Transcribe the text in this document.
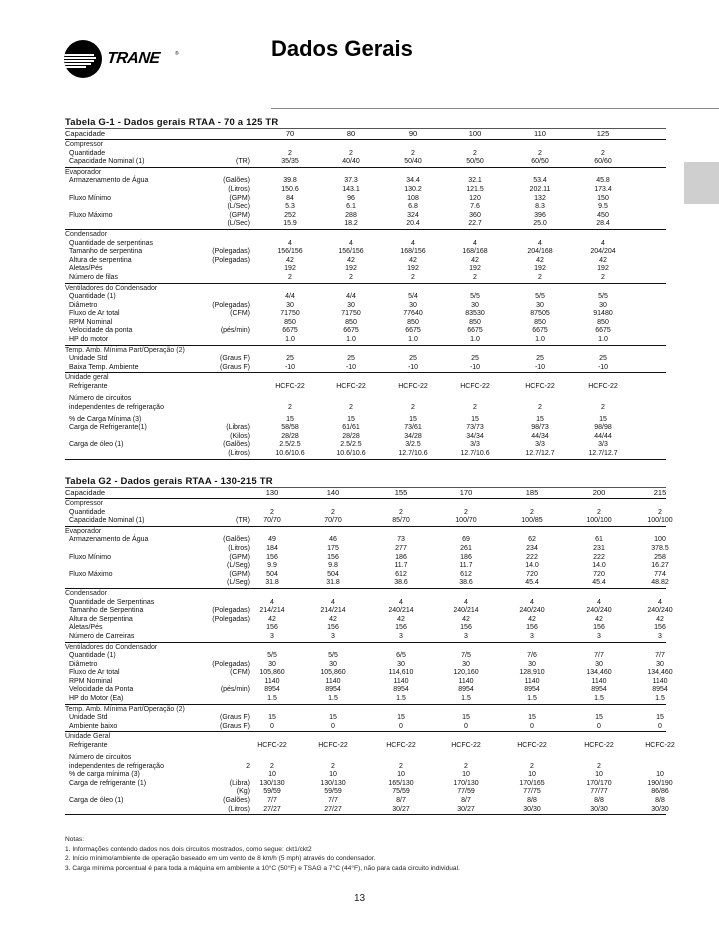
TRANE	®	Dados Gerais
Tabela G-1 - Dados gerais RTAA - 70 a 125 TR
Capacidade	70	80	90	100	110	125
Compressor
Quantidade	2	2	2	2	2	2
Capacidade Nominal (1)	(TR)	35/35	40/40	50/40	50/50	60/50	60/60
Evaporador
Armazenamento de Água	(Galões)	39.8	37.3	34.4	32.1	53.4	45.8
(Litros)	150.6	143.1	130.2	121.5	202.11	173.4
Fluxo Mínimo	(GPM)	84	96	108	120	132	150
(L/Sec)	5.3	6.1	6.8	7.6	8.3	9.5
Fluxo Máximo	(GPM)	252	288	324	360	396	450
(L/Sec)	15.9	18.2	20.4	22.7	25.0	28.4
Condensador
Quantidade de serpentinas	4	4	4	4	4	4
Tamanho de serpentina	(Polegadas)	156/156	156/156	168/156	168/168	204/168	204/204
Altura de serpentina	(Polegadas)	42	42	42	42	42	42
Aletas/Pés	192	192	192	192	192	192
Número de filas	2	2	2	2	2	2
Ventiladores do Condensador
Quantidade (1)	4/4	4/4	5/4	5/5	5/5	5/5
Diâmetro	(Polegadas)	30	30	30	30	30	30
Fluxo de Ar total	(CFM)	71750	71750	77640	83530	87505	91480
RPM Nominal	850	850	850	850	850	850
Velocidade da ponta	(pés/min)	6675	6675	6675	6675	6675	6675
HP do motor	1.0	1.0	1.0	1.0	1.0	1.0
Temp. Amb. Mínima Part/Operação (2)
Unidade Std	(Graus F)	25	25	25	25	25	25
Baixa Temp. Ambiente	(Graus F)	-10	-10	-10	-10	-10	-10
Unidade geral
Refrigerante	HCFC-22	HCFC-22	HCFC-22	HCFC-22	HCFC-22	HCFC-22
Número de circuitos
independentes de refrigeração	2	2	2	2	2	2
% de Carga Mínima (3)	15	15	15	15	15	15
Carga de Refrigerante(1)	(Libras)	58/58	61/61	73/61	73/73	98/73	98/98
(Kilos)	28/28	28/28	34/28	34/34	44/34	44/44
Carga de óleo (1)	(Galões)	2.5/2.5	2.5/2.5	3/2.5	3/3	3/3	3/3
(Litros)	10.6/10.6	10.6/10.6	12.7/10.6	12.7/10.6	12.7/12.7	12.7/12.7
Tabela G2 - Dados gerais RTAA - 130-215 TR
Capacidade	130	140	155	170	185	200	215
Compressor
Quantidade	2	2	2	2	2	2	2
Capacidade Nominal (1)	(TR)	70/70	70/70	85/70	100/70	100/85	100/100	100/100
Evaporador
Armazenamento de Água	(Galões)	49	46	73	69	62	61	100
(Litros)	184	175	277	261	234	231	378.5
Fluxo Mínimo	(GPM)	156	156	186	186	222	222	258
(L/Seg)	9.9	9.8	11.7	11.7	14.0	14.0	16.27
Fluxo Máximo	(GPM)	504	504	612	612	720	720	774
(L/Seg)	31.8	31.8	38.6	38.6	45.4	45.4	48.82
Condensador
Quantidade de Serpentinas	4	4	4	4	4	4	4
Tamanho de Serpentina	(Polegadas)	214/214	214/214	240/214	240/214	240/240	240/240	240/240
Altura de Serpentina	(Polegadas)	42	42	42	42	42	42	42
Aletas/Pés	156	156	156	156	156	156	156
Número de Carreiras	3	3	3	3	3	3	3
Ventiladores do Condensador
Quantidade (1)	5/5	5/5	6/5	7/5	7/6	7/7	7/7
Diâmetro	(Polegadas)	30	30	30	30	30	30	30
Fluxo de Ar total	(CFM)	105,860	105,860	114,610	120,160	128,910	134,460	134,460
RPM Nominal	1140	1140	1140	1140	1140	1140	1140
Velocidade da Ponta	(pés/min)	8954	8954	8954	8954	8954	8954	8954
HP do Motor (Ea)	1.5	1.5	1.5	1.5	1.5	1.5	1.5
Temp. Amb. Mínima Part/Operação (2)
Unidade Std	(Graus F)	15	15	15	15	15	15	15
Ambiente baixo	(Graus F)	0	0	0	0	0	0	0
Unidade Geral
Refrigerante	HCFC-22	HCFC-22	HCFC-22	HCFC-22	HCFC-22	HCFC-22	HCFC-22
Número de circuitos
independentes de refrigeração	2	2	2	2	2	2	2
% de carga mínima (3)	10	10	10	10	10	10	10
Carga de refrigerante (1)	(Libra)	130/130	130/130	165/130	170/130	170/165	170/170	190/190
(Kg)	59/59	59/59	75/59	77/59	77/75	77/77	86/86
Carga de óleo (1)	(Galões)	7/7	7/7	8/7	8/7	8/8	8/8	8/8
(Litros)	27/27	27/27	30/27	30/27	30/30	30/30	30/30
Notas:
1. Informações contendo dados nos dois circuitos mostrados, como segue: ckt1/ckt2
2. Início mínimo/ambiente de operação baseado em um vento de 8 km/h (5 mph) através do condensador.
3. Carga mínima porcentual é para toda a máquina em ambiente a 10°C (50°F) e TSAG a 7°C (44°F), não para cada circuito individual.
13
